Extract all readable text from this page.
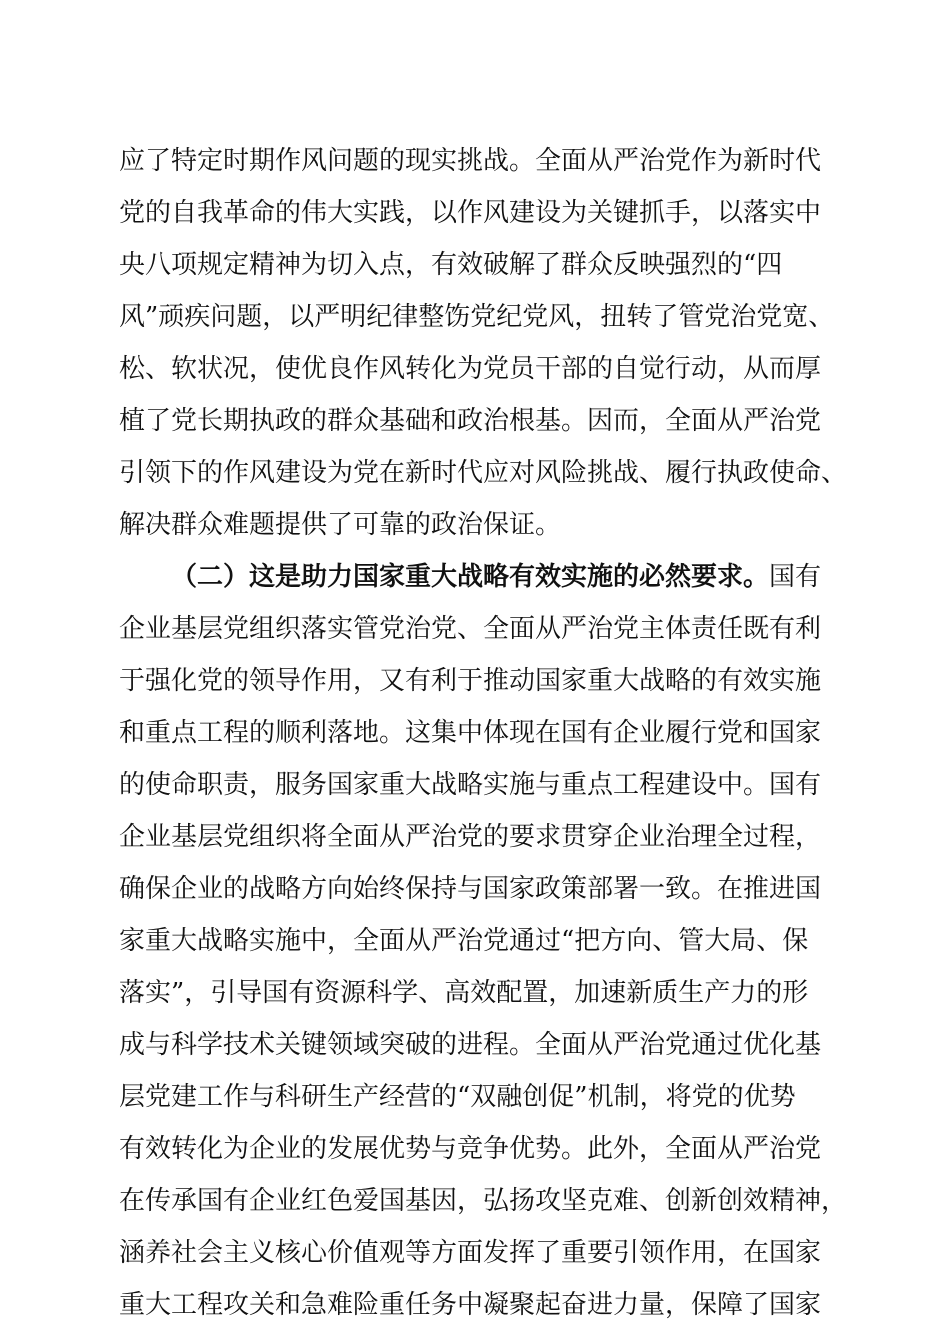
应了特定时期作风问题的现实挑战。全面从严治党作为新时代
党的自我革命的伟大实践，以作风建设为关键抓手，以落实中
央八项规定精神为切入点，有效破解了群众反映强烈的“四
风”顽疾问题，以严明纪律整饬党纪党风，扭转了管党治党宽、
松、软状况，使优良作风转化为党员干部的自觉行动，从而厚
植了党长期执政的群众基础和政治根基。因而，全面从严治党
引领下的作风建设为党在新时代应对风险挑战、履行执政使命、
解决群众难题提供了可靠的政治保证。
（二）这是助力国家重大战略有效实施的必然要求。国有
企业基层党组织落实管党治党、全面从严治党主体责任既有利
于强化党的领导作用，又有利于推动国家重大战略的有效实施
和重点工程的顺利落地。这集中体现在国有企业履行党和国家
的使命职责，服务国家重大战略实施与重点工程建设中。国有
企业基层党组织将全面从严治党的要求贯穿企业治理全过程，
确保企业的战略方向始终保持与国家政策部署一致。在推进国
家重大战略实施中，全面从严治党通过“把方向、管大局、保
落实”，引导国有资源科学、高效配置，加速新质生产力的形
成与科学技术关键领域突破的进程。全面从严治党通过优化基
层党建工作与科研生产经营的“双融创促”机制，将党的优势
有效转化为企业的发展优势与竞争优势。此外，全面从严治党
在传承国有企业红色爱国基因，弘扬攻坚克难、创新创效精神，
涵养社会主义核心价值观等方面发挥了重要引领作用，在国家
重大工程攻关和急难险重任务中凝聚起奋进力量，保障了国家
